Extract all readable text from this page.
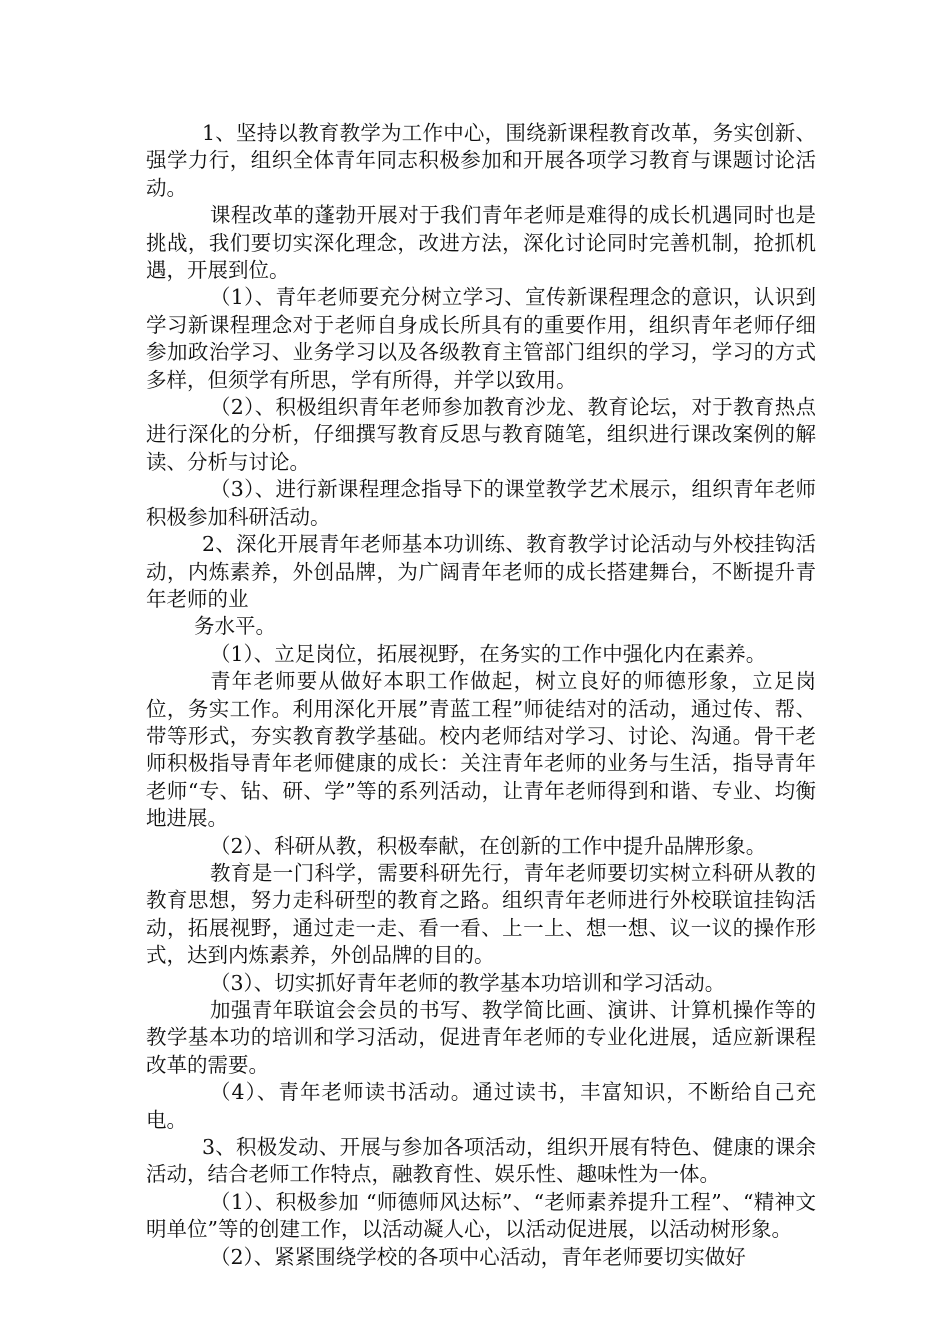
1、坚持以教育教学为工作中心，围绕新课程教育改革，务实创新、强学力行，组织全体青年同志积极参加和开展各项学习教育与课题讨论活动。

课程改革的蓬勃开展对于我们青年老师是难得的成长机遇同时也是挑战，我们要切实深化理念，改进方法，深化讨论同时完善机制，抢抓机遇，开展到位。

（1）、青年老师要充分树立学习、宣传新课程理念的意识，认识到学习新课程理念对于老师自身成长所具有的重要作用，组织青年老师仔细参加政治学习、业务学习以及各级教育主管部门组织的学习，学习的方式多样，但须学有所思，学有所得，并学以致用。

（2）、积极组织青年老师参加教育沙龙、教育论坛，对于教育热点进行深化的分析，仔细撰写教育反思与教育随笔，组织进行课改案例的解读、分析与讨论。

（3）、进行新课程理念指导下的课堂教学艺术展示，组织青年老师积极参加科研活动。

2、深化开展青年老师基本功训练、教育教学讨论活动与外校挂钩活动，内炼素养，外创品牌，为广阔青年老师的成长搭建舞台，不断提升青年老师的业

务水平。

（1）、立足岗位，拓展视野，在务实的工作中强化内在素养。

青年老师要从做好本职工作做起，树立良好的师德形象，立足岗位，务实工作。利用深化开展”青蓝工程”师徒结对的活动，通过传、帮、带等形式，夯实教育教学基础。校内老师结对学习、讨论、沟通。骨干老师积极指导青年老师健康的成长：关注青年老师的业务与生活，指导青年老师“专、钻、研、学”等的系列活动，让青年老师得到和谐、专业、均衡地进展。

（2）、科研从教，积极奉献，在创新的工作中提升品牌形象。

教育是一门科学，需要科研先行，青年老师要切实树立科研从教的教育思想，努力走科研型的教育之路。组织青年老师进行外校联谊挂钩活动，拓展视野，通过走一走、看一看、上一上、想一想、议一议的操作形式，达到内炼素养，外创品牌的目的。

（3）、切实抓好青年老师的教学基本功培训和学习活动。

加强青年联谊会会员的书写、教学简比画、演讲、计算机操作等的教学基本功的培训和学习活动，促进青年老师的专业化进展，适应新课程改革的需要。

（4）、青年老师读书活动。通过读书，丰富知识，不断给自己充电。

3、积极发动、开展与参加各项活动，组织开展有特色、健康的课余活动，结合老师工作特点，融教育性、娱乐性、趣味性为一体。

（1）、积极参加 “师德师风达标”、“老师素养提升工程”、“精神文明单位”等的创建工作，以活动凝人心，以活动促进展，以活动树形象。

（2）、紧紧围绕学校的各项中心活动，青年老师要切实做好
